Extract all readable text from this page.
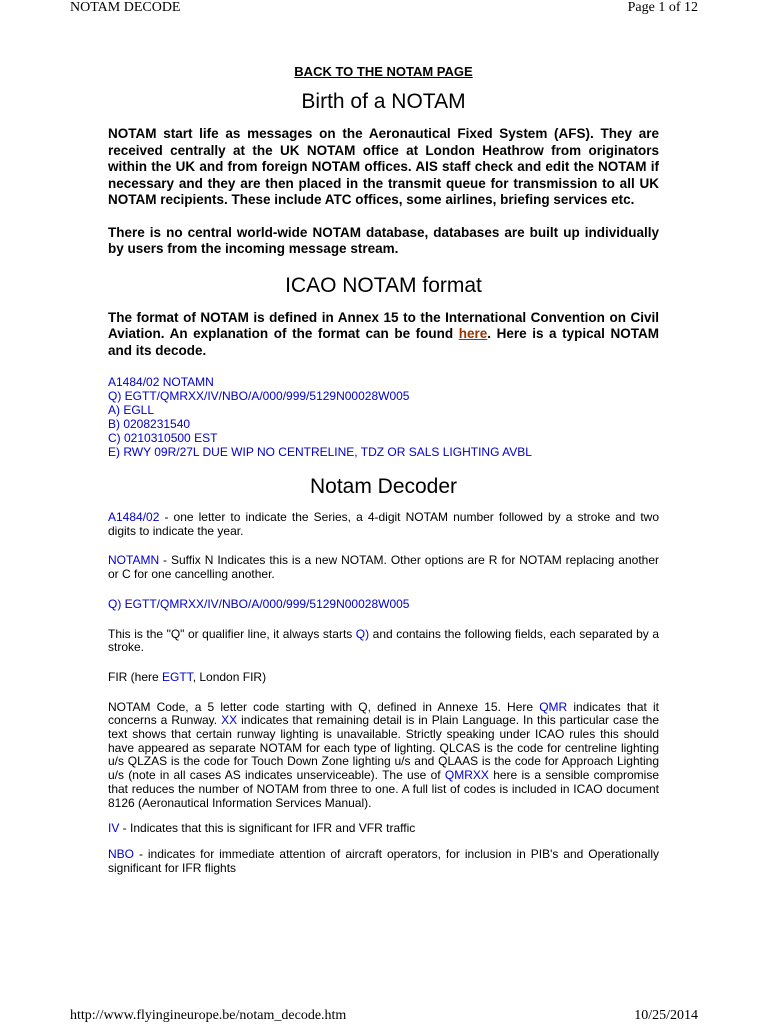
NOTAM DECODE	Page 1 of 12
BACK TO THE NOTAM PAGE
Birth of a NOTAM

NOTAM start life as messages on the Aeronautical Fixed System (AFS). They are received centrally at the UK NOTAM office at London Heathrow from originators within the UK and from foreign NOTAM offices. AIS staff check and edit the NOTAM if necessary and they are then placed in the transmit queue for transmission to all UK NOTAM recipients. These include ATC offices, some airlines, briefing services etc.

There is no central world-wide NOTAM database, databases are built up individually by users from the incoming message stream.

ICAO NOTAM format

The format of NOTAM is defined in Annex 15 to the International Convention on Civil Aviation. An explanation of the format can be found here. Here is a typical NOTAM and its decode.

A1484/02 NOTAMN
Q) EGTT/QMRXX/IV/NBO/A/000/999/5129N00028W005
A) EGLL
B) 0208231540
C) 0210310500 EST
E) RWY 09R/27L DUE WIP NO CENTRELINE, TDZ OR SALS LIGHTING AVBL
Notam Decoder

A1484/02 - one letter to indicate the Series, a 4-digit NOTAM number followed by a stroke and two digits to indicate the year.

NOTAMN - Suffix N Indicates this is a new NOTAM. Other options are R for NOTAM replacing another or C for one cancelling another.

Q) EGTT/QMRXX/IV/NBO/A/000/999/5129N00028W005

This is the "Q" or qualifier line, it always starts Q) and contains the following fields, each separated by a stroke.

FIR (here EGTT, London FIR)

NOTAM Code, a 5 letter code starting with Q, defined in Annexe 15. Here QMR indicates that it concerns a Runway. XX indicates that remaining detail is in Plain Language. In this particular case the text shows that certain runway lighting is unavailable. Strictly speaking under ICAO rules this should have appeared as separate NOTAM for each type of lighting. QLCAS is the code for centreline lighting u/s QLZAS is the code for Touch Down Zone lighting u/s and QLAAS is the code for Approach Lighting u/s (note in all cases AS indicates unserviceable). The use of QMRXX here is a sensible compromise that reduces the number of NOTAM from three to one. A full list of codes is included in ICAO document 8126 (Aeronautical Information Services Manual).

IV - Indicates that this is significant for IFR and VFR traffic

NBO - indicates for immediate attention of aircraft operators, for inclusion in PIB's and Operationally significant for IFR flights

http://www.flyingineurope.be/notam_decode.htm	10/25/2014
